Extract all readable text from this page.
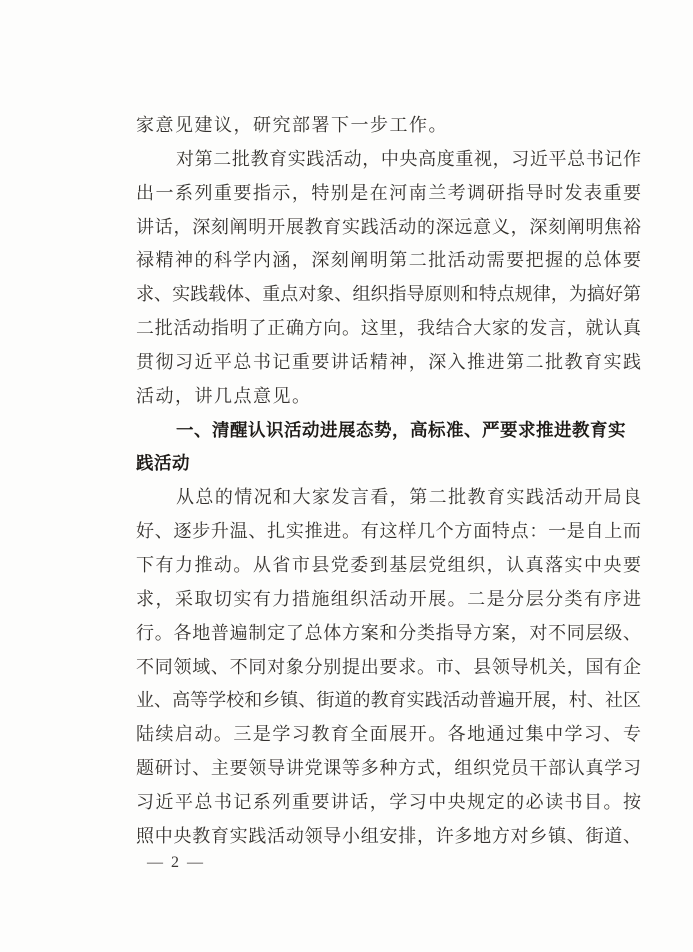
家意见建议，研究部署下一步工作。
对第二批教育实践活动，中央高度重视，习近平总书记作
出一系列重要指示，特别是在河南兰考调研指导时发表重要
讲话，深刻阐明开展教育实践活动的深远意义，深刻阐明焦裕
禄精神的科学内涵，深刻阐明第二批活动需要把握的总体要
求、实践载体、重点对象、组织指导原则和特点规律，为搞好第
二批活动指明了正确方向。这里，我结合大家的发言，就认真
贯彻习近平总书记重要讲话精神，深入推进第二批教育实践
活动，讲几点意见。
一、清醒认识活动进展态势，高标准、严要求推进教育实
践活动
从总的情况和大家发言看，第二批教育实践活动开局良
好、逐步升温、扎实推进。有这样几个方面特点：一是自上而
下有力推动。从省市县党委到基层党组织，认真落实中央要
求，采取切实有力措施组织活动开展。二是分层分类有序进
行。各地普遍制定了总体方案和分类指导方案，对不同层级、
不同领域、不同对象分别提出要求。市、县领导机关，国有企
业、高等学校和乡镇、街道的教育实践活动普遍开展，村、社区
陆续启动。三是学习教育全面展开。各地通过集中学习、专
题研讨、主要领导讲党课等多种方式，组织党员干部认真学习
习近平总书记系列重要讲话，学习中央规定的必读书目。按
照中央教育实践活动领导小组安排，许多地方对乡镇、街道、
— 2 —
